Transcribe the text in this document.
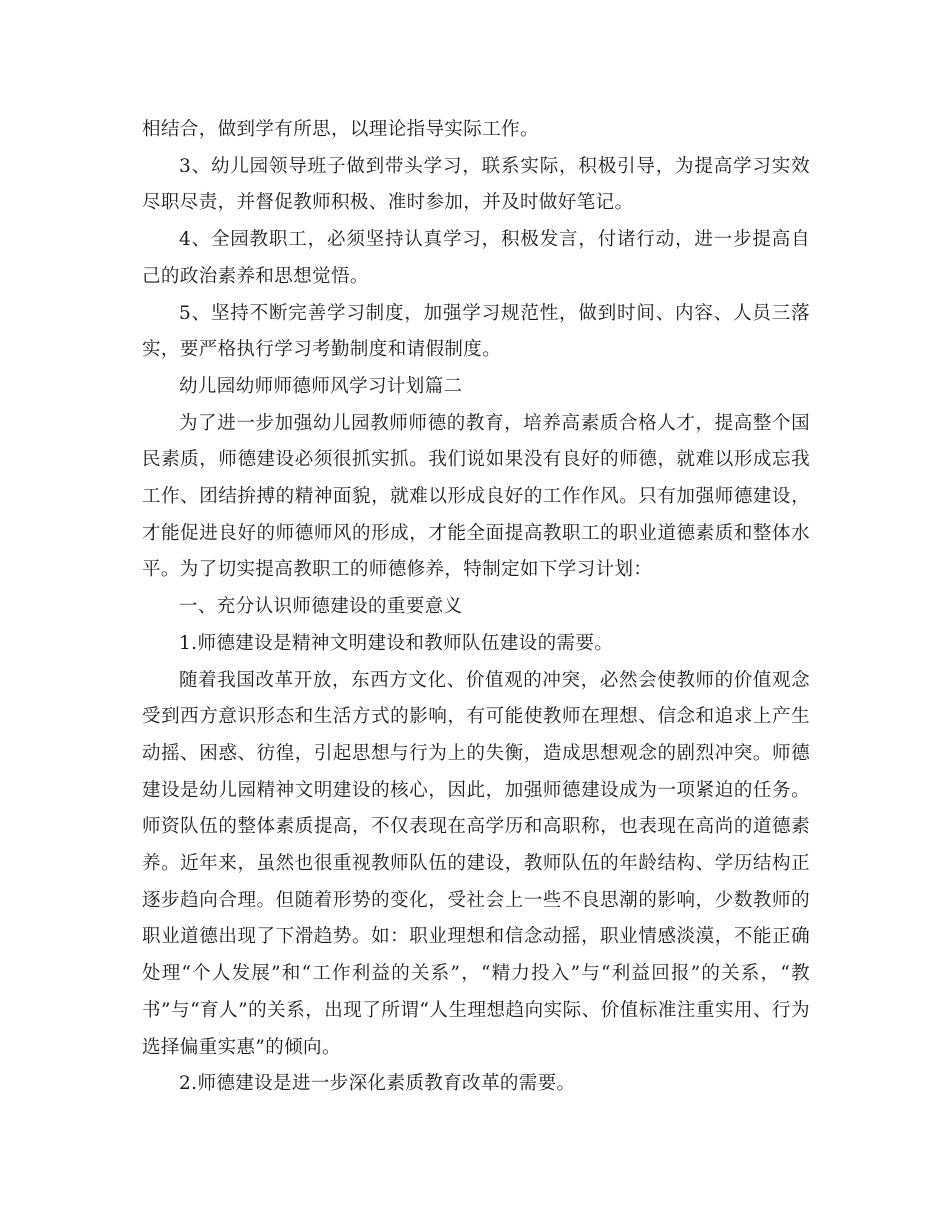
相结合，做到学有所思，以理论指导实际工作。

3、幼儿园领导班子做到带头学习，联系实际，积极引导，为提高学习实效尽职尽责，并督促教师积极、准时参加，并及时做好笔记。

4、全园教职工，必须坚持认真学习，积极发言，付诸行动，进一步提高自己的政治素养和思想觉悟。

5、坚持不断完善学习制度，加强学习规范性，做到时间、内容、人员三落实，要严格执行学习考勤制度和请假制度。

幼儿园幼师师德师风学习计划篇二

为了进一步加强幼儿园教师师德的教育，培养高素质合格人才，提高整个国民素质，师德建设必须很抓实抓。我们说如果没有良好的师德，就难以形成忘我工作、团结拚搏的精神面貌，就难以形成良好的工作作风。只有加强师德建设，才能促进良好的师德师风的形成，才能全面提高教职工的职业道德素质和整体水平。为了切实提高教职工的师德修养，特制定如下学习计划：

一、充分认识师德建设的重要意义

1.师德建设是精神文明建设和教师队伍建设的需要。

随着我国改革开放，东西方文化、价值观的冲突，必然会使教师的价值观念受到西方意识形态和生活方式的影响，有可能使教师在理想、信念和追求上产生动摇、困惑、彷徨，引起思想与行为上的失衡，造成思想观念的剧烈冲突。师德建设是幼儿园精神文明建设的核心，因此，加强师德建设成为一项紧迫的任务。师资队伍的整体素质提高，不仅表现在高学历和高职称，也表现在高尚的道德素养。近年来，虽然也很重视教师队伍的建设，教师队伍的年龄结构、学历结构正逐步趋向合理。但随着形势的变化，受社会上一些不良思潮的影响，少数教师的职业道德出现了下滑趋势。如：职业理想和信念动摇，职业情感淡漠，不能正确处理“个人发展”和“工作利益的关系”，“精力投入”与“利益回报”的关系，“教书”与“育人”的关系，出现了所谓“人生理想趋向实际、价值标准注重实用、行为选择偏重实惠”的倾向。

2.师德建设是进一步深化素质教育改革的需要。
